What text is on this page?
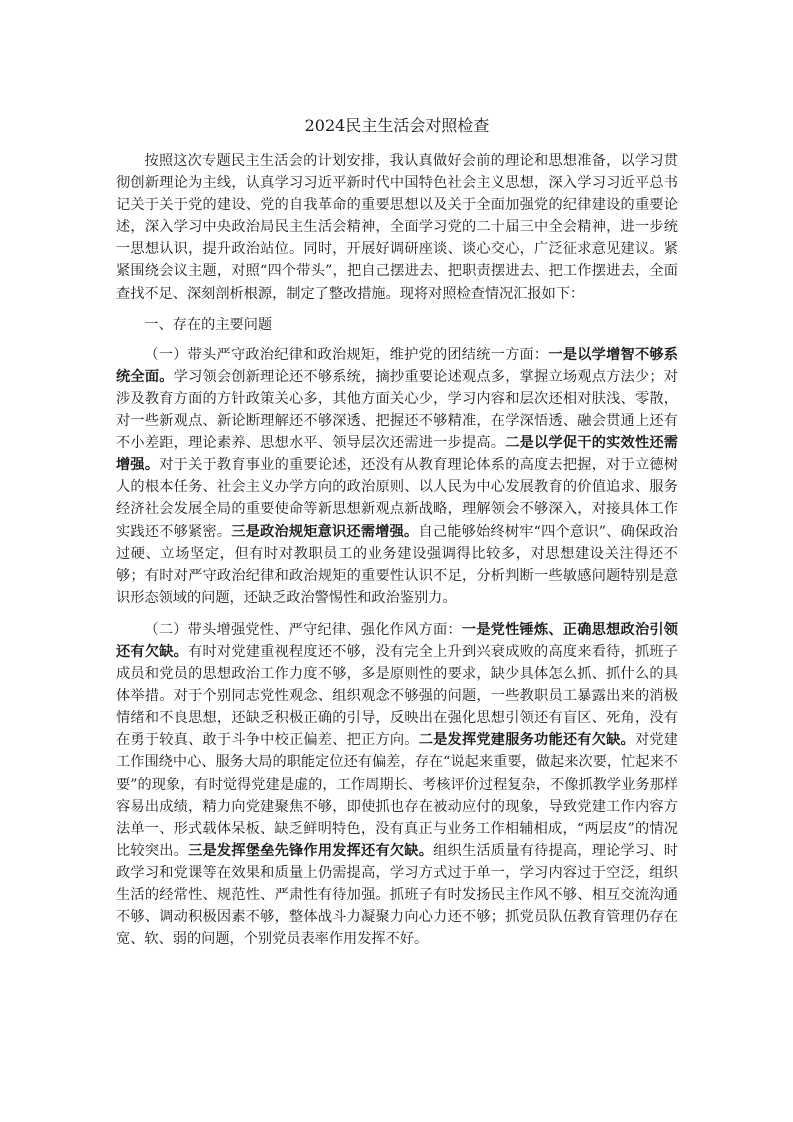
2024民主生活会对照检查

按照这次专题民主生活会的计划安排，我认真做好会前的理论和思想准备，以学习贯彻创新理论为主线，认真学习习近平新时代中国特色社会主义思想，深入学习习近平总书记关于关于党的建设、党的自我革命的重要思想以及关于全面加强党的纪律建设的重要论述，深入学习中央政治局民主生活会精神，全面学习党的二十届三中全会精神，进一步统一思想认识，提升政治站位。同时，开展好调研座谈、谈心交心，广泛征求意见建议。紧紧围绕会议主题，对照“四个带头”，把自己摆进去、把职责摆进去、把工作摆进去，全面查找不足、深刻剖析根源，制定了整改措施。现将对照检查情况汇报如下：

一、存在的主要问题

（一）带头严守政治纪律和政治规矩，维护党的团结统一方面：一是以学增智不够系统全面。学习领会创新理论还不够系统，摘抄重要论述观点多，掌握立场观点方法少；对涉及教育方面的方针政策关心多，其他方面关心少，学习内容和层次还相对肤浅、零散，对一些新观点、新论断理解还不够深透、把握还不够精准，在学深悟透、融会贯通上还有不小差距，理论素养、思想水平、领导层次还需进一步提高。二是以学促干的实效性还需增强。对于关于教育事业的重要论述，还没有从教育理论体系的高度去把握，对于立德树人的根本任务、社会主义办学方向的政治原则、以人民为中心发展教育的价值追求、服务经济社会发展全局的重要使命等新思想新观点新战略，理解领会不够深入，对接具体工作实践还不够紧密。三是政治规矩意识还需增强。自己能够始终树牢“四个意识”、确保政治过硬、立场坚定，但有时对教职员工的业务建设强调得比较多，对思想建设关注得还不够；有时对严守政治纪律和政治规矩的重要性认识不足，分析判断一些敏感问题特别是意识形态领域的问题，还缺乏政治警惕性和政治鉴别力。

（二）带头增强党性、严守纪律、强化作风方面：一是党性锤炼、正确思想政治引领还有欠缺。有时对党建重视程度还不够，没有完全上升到兴衰成败的高度来看待，抓班子成员和党员的思想政治工作力度不够，多是原则性的要求，缺少具体怎么抓、抓什么的具体举措。对于个别同志党性观念、组织观念不够强的问题，一些教职员工暴露出来的消极情绪和不良思想，还缺乏积极正确的引导，反映出在强化思想引领还有盲区、死角，没有在勇于较真、敢于斗争中校正偏差、把正方向。二是发挥党建服务功能还有欠缺。对党建工作围绕中心、服务大局的职能定位还有偏差，存在“说起来重要，做起来次要，忙起来不要”的现象，有时觉得党建是虚的，工作周期长、考核评价过程复杂，不像抓教学业务那样容易出成绩，精力向党建聚焦不够，即使抓也存在被动应付的现象，导致党建工作内容方法单一、形式载体呆板、缺乏鲜明特色，没有真正与业务工作相辅相成，“两层皮”的情况比较突出。三是发挥堡垒先锋作用发挥还有欠缺。组织生活质量有待提高，理论学习、时政学习和党课等在效果和质量上仍需提高，学习方式过于单一，学习内容过于空泛，组织生活的经常性、规范性、严肃性有待加强。抓班子有时发扬民主作风不够、相互交流沟通不够、调动积极因素不够，整体战斗力凝聚力向心力还不够；抓党员队伍教育管理仍存在宽、软、弱的问题，个别党员表率作用发挥不好。
